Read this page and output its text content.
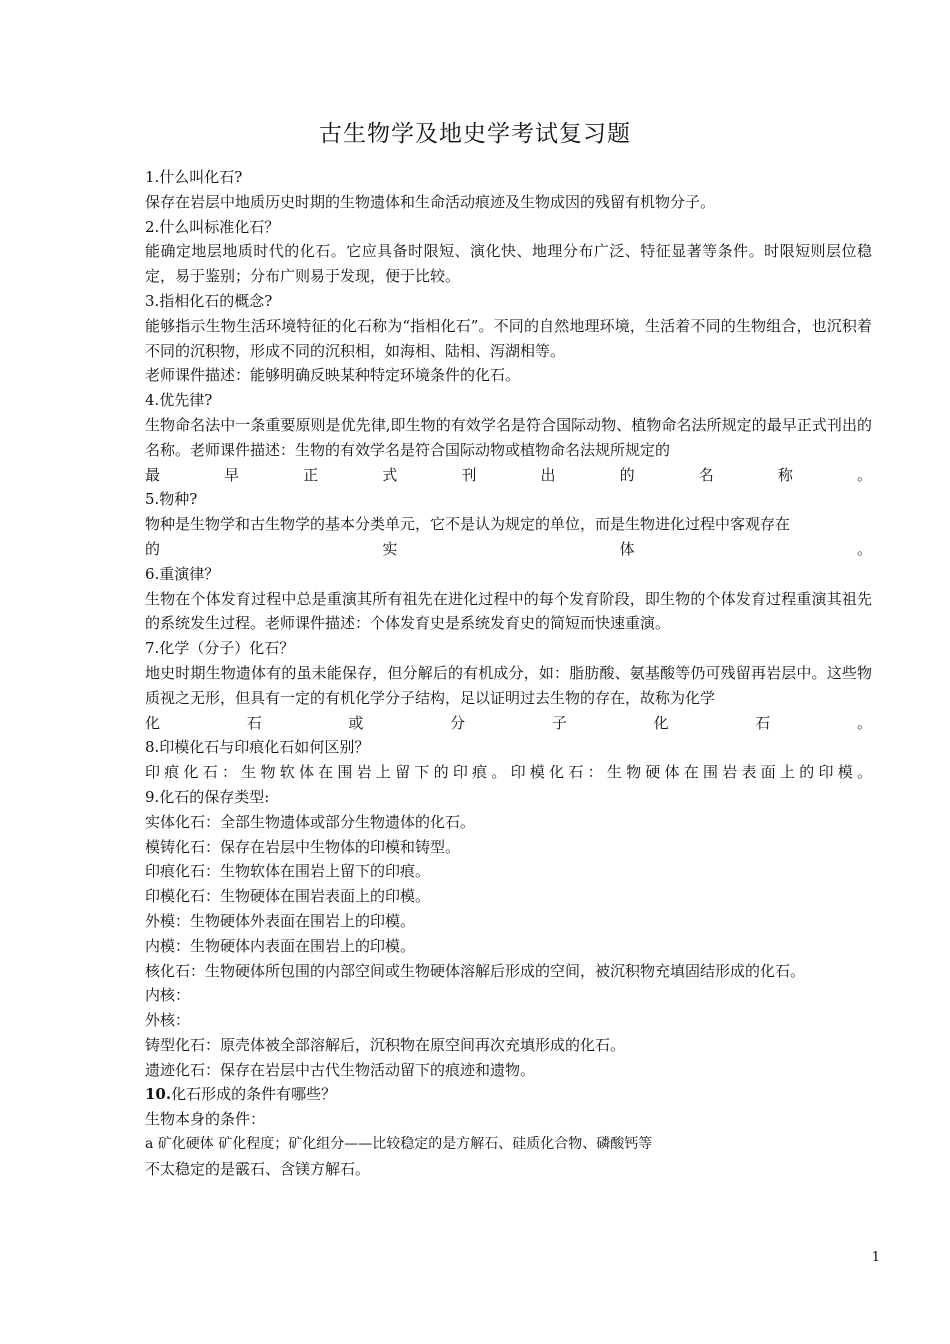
古生物学及地史学考试复习题

1.什么叫化石?

保存在岩层中地质历史时期的生物遗体和生命活动痕迹及生物成因的残留有机物分子。

2.什么叫标准化石？

能确定地层地质时代的化石。它应具备时限短、演化快、地理分布广泛、特征显著等条件。时限短则层位稳定，易于鉴别；分布广则易于发现，便于比较。

3.指相化石的概念?

能够指示生物生活环境特征的化石称为“指相化石”。不同的自然地理环境，生活着不同的生物组合，也沉积着不同的沉积物，形成不同的沉积相，如海相、陆相、泻湖相等。

老师课件描述：能够明确反映某种特定环境条件的化石。

4.优先律?

生物命名法中一条重要原则是优先律,即生物的有效学名是符合国际动物、植物命名法所规定的最早正式刊出的名称。老师课件描述：生物的有效学名是符合国际动物或植物命名法规所规定的

最早正式刊出的名称。

5.物种?

物种是生物学和古生物学的基本分类单元，它不是认为规定的单位，而是生物进化过程中客观存在

的实体。

6.重演律？

生物在个体发育过程中总是重演其所有祖先在进化过程中的每个发育阶段，即生物的个体发育过程重演其祖先的系统发生过程。老师课件描述：个体发育史是系统发育史的简短而快速重演。

7.化学（分子）化石？

地史时期生物遗体有的虽未能保存，但分解后的有机成分，如：脂肪酸、氨基酸等仍可残留再岩层中。这些物质视之无形，但具有一定的有机化学分子结构，足以证明过去生物的存在，故称为化学

化石或分子化石。

8.印模化石与印痕化石如何区别？

印痕化石：生物软体在围岩上留下的印痕。印模化石：生物硬体在围岩表面上的印模。

9.化石的保存类型:

实体化石：全部生物遗体或部分生物遗体的化石。

模铸化石：保存在岩层中生物体的印模和铸型。

印痕化石：生物软体在围岩上留下的印痕。

印模化石：生物硬体在围岩表面上的印模。

外模：生物硬体外表面在围岩上的印模。

内模：生物硬体内表面在围岩上的印模。

核化石：生物硬体所包围的内部空间或生物硬体溶解后形成的空间，被沉积物充填固结形成的化石。

内核：

外核：

铸型化石：原壳体被全部溶解后，沉积物在原空间再次充填形成的化石。

遗迹化石：保存在岩层中古代生物活动留下的痕迹和遗物。

10.化石形成的条件有哪些？

生物本身的条件：

a 矿化硬体 矿化程度；矿化组分——比较稳定的是方解石、硅质化合物、磷酸钙等

不太稳定的是霰石、含镁方解石。

1
